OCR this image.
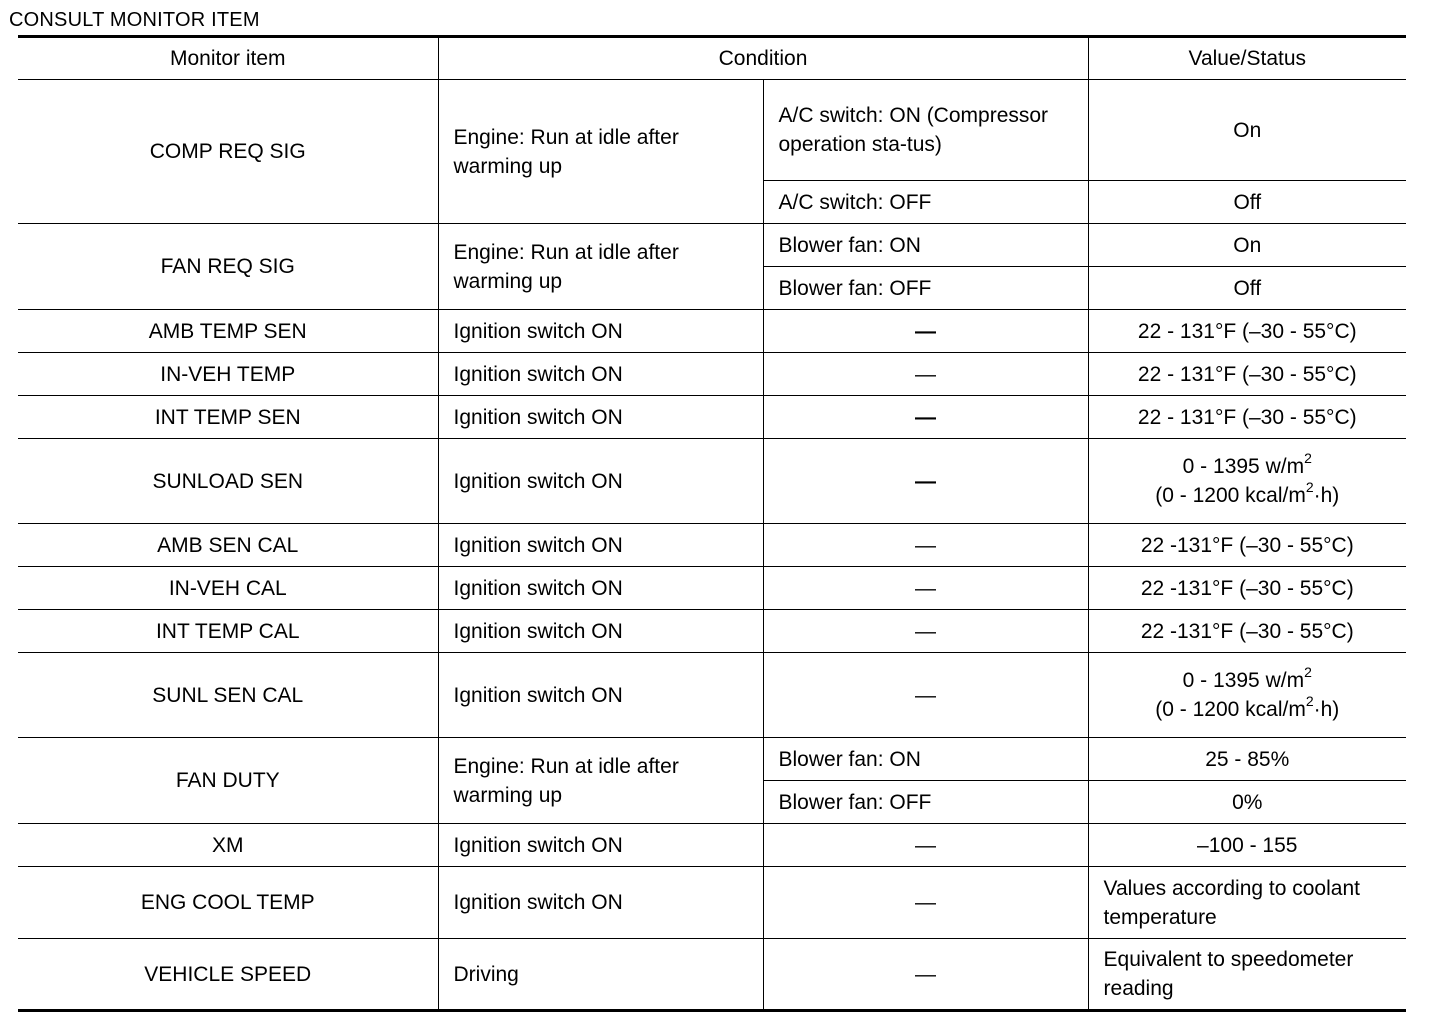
CONSULT MONITOR ITEM
Monitor item	Condition		Value/Status
COMP REQ SIG	Engine: Run at idle after warming up	A/C switch: ON (Compressor operation sta-tus)	On
		A/C switch: OFF	Off
FAN REQ SIG	Engine: Run at idle after warming up	Blower fan: ON	On
		Blower fan: OFF	Off
AMB TEMP SEN	Ignition switch ON	—	22 - 131°F (–30 - 55°C)
IN-VEH TEMP	Ignition switch ON	—	22 - 131°F (–30 - 55°C)
INT TEMP SEN	Ignition switch ON	—	22 - 131°F (–30 - 55°C)
SUNLOAD SEN	Ignition switch ON	—	0 - 1395 $w/m^2$
(0 - 1200 kcal/$m^2\cdot h$)

AMB SEN CAL	Ignition switch ON	—	22 -131°F (–30 - 55°C)
IN-VEH CAL	Ignition switch ON	—	22 -131°F (–30 - 55°C)
INT TEMP CAL	Ignition switch ON	—	22 -131°F (–30 - 55°C)
SUNL SEN CAL	Ignition switch ON	—	0 - 1395 $w/m^2$
(0 - 1200 kcal/$m^2\cdot h$)

FAN DUTY	Engine: Run at idle after warming up	Blower fan: ON	25 - 85%
		Blower fan: OFF	0%
XM	Ignition switch ON	—	–100 - 155
ENG COOL TEMP	Ignition switch ON	—	Values according to coolant temperature
VEHICLE SPEED	Driving	—	Equivalent to speedometer reading
